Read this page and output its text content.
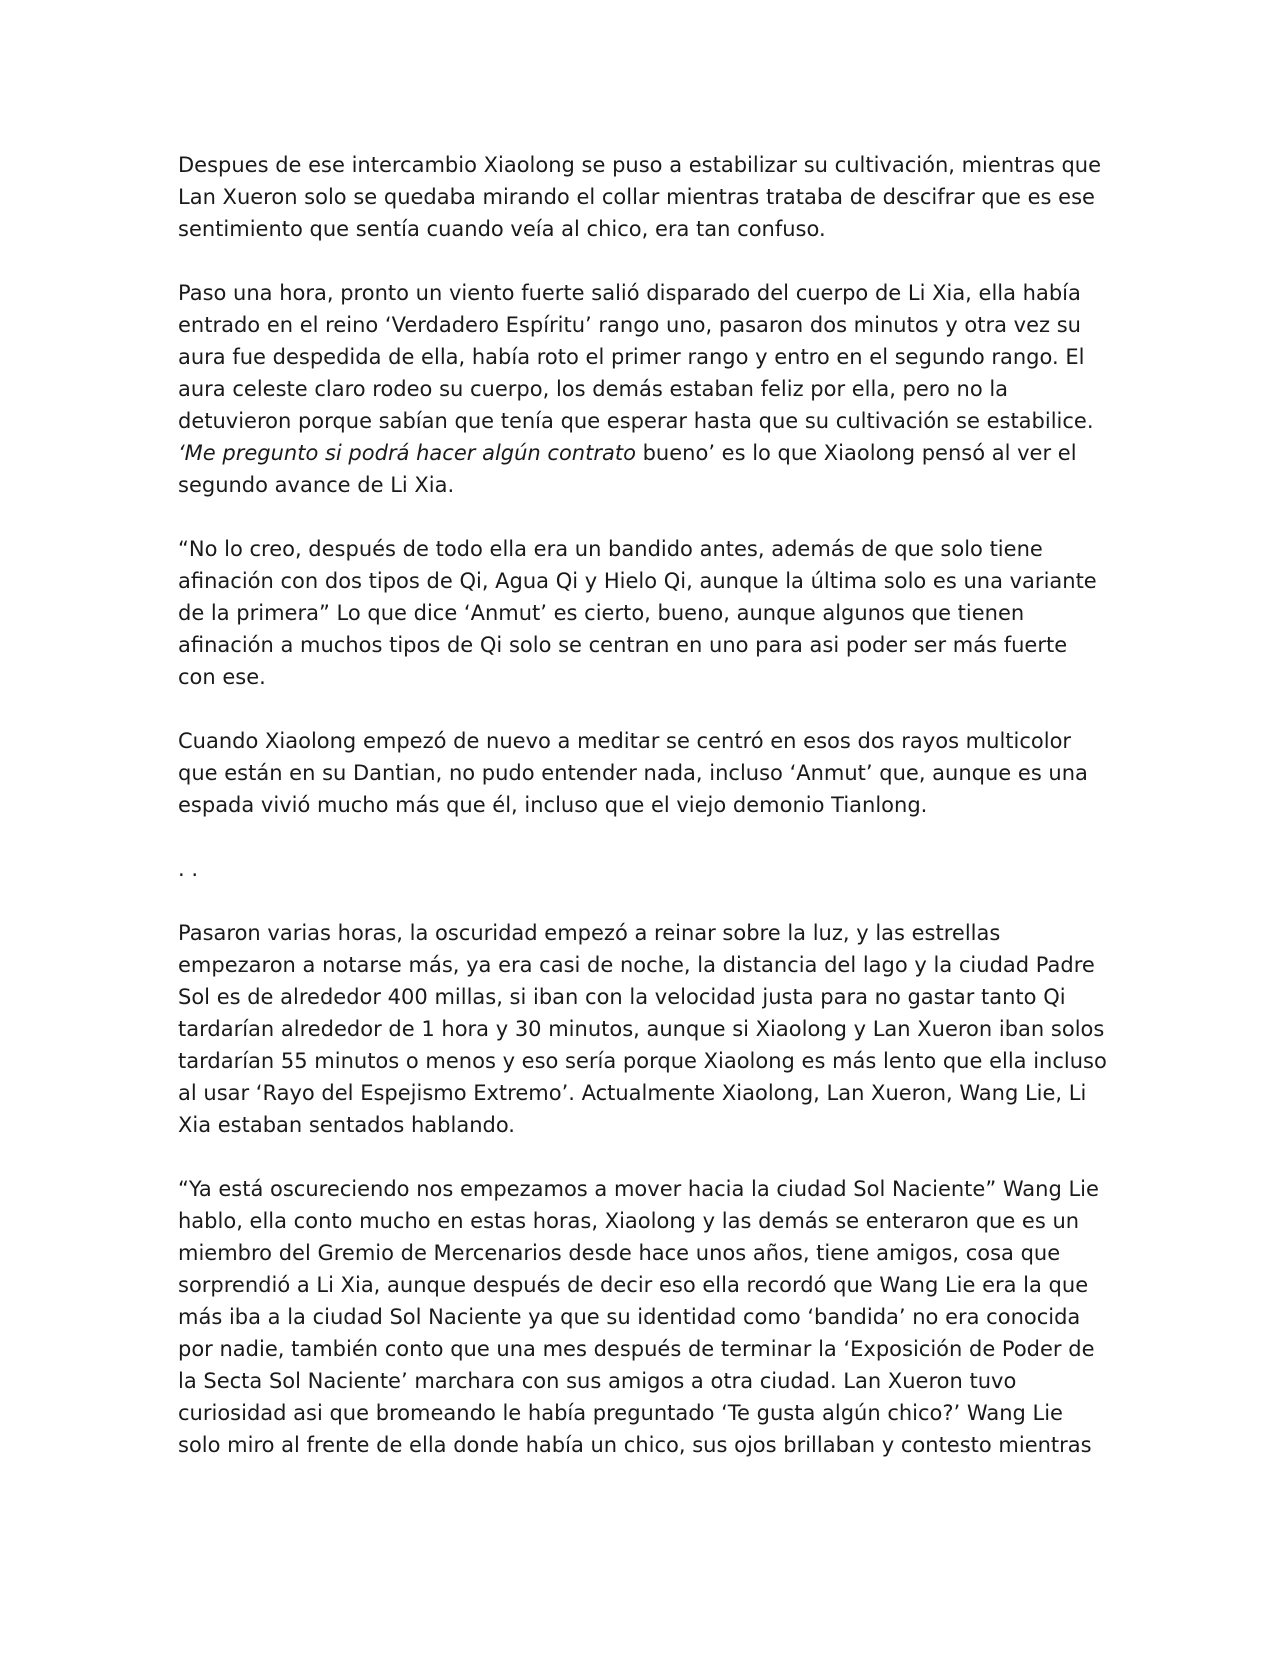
Despues de ese intercambio Xiaolong se puso a estabilizar su cultivación, mientras que Lan Xueron solo se quedaba mirando el collar mientras trataba de descifrar que es ese sentimiento que sentía cuando veía al chico, era tan confuso.

Paso una hora, pronto un viento fuerte salió disparado del cuerpo de Li Xia, ella había entrado en el reino ‘Verdadero Espíritu’ rango uno, pasaron dos minutos y otra vez su aura fue despedida de ella, había roto el primer rango y entro en el segundo rango. El aura celeste claro rodeo su cuerpo, los demás estaban feliz por ella, pero no la detuvieron porque sabían que tenía que esperar hasta que su cultivación se estabilice.
‘Me pregunto si podrá hacer algún contrato bueno’ es lo que Xiaolong pensó al ver el segundo avance de Li Xia.

“No lo creo, después de todo ella era un bandido antes, además de que solo tiene afinación con dos tipos de Qi, Agua Qi y Hielo Qi, aunque la última solo es una variante de la primera” Lo que dice ‘Anmut’ es cierto, bueno, aunque algunos que tienen afinación a muchos tipos de Qi solo se centran en uno para asi poder ser más fuerte con ese.

Cuando Xiaolong empezó de nuevo a meditar se centró en esos dos rayos multicolor que están en su Dantian, no pudo entender nada, incluso ‘Anmut’ que, aunque es una espada vivió mucho más que él, incluso que el viejo demonio Tianlong.

. .

Pasaron varias horas, la oscuridad empezó a reinar sobre la luz, y las estrellas empezaron a notarse más, ya era casi de noche, la distancia del lago y la ciudad Padre Sol es de alrededor 400 millas, si iban con la velocidad justa para no gastar tanto Qi tardarían alrededor de 1 hora y 30 minutos, aunque si Xiaolong y Lan Xueron iban solos tardarían 55 minutos o menos y eso sería porque Xiaolong es más lento que ella incluso al usar ‘Rayo del Espejismo Extremo’. Actualmente Xiaolong, Lan Xueron, Wang Lie, Li Xia estaban sentados hablando.

“Ya está oscureciendo nos empezamos a mover hacia la ciudad Sol Naciente” Wang Lie hablo, ella conto mucho en estas horas, Xiaolong y las demás se enteraron que es un miembro del Gremio de Mercenarios desde hace unos años, tiene amigos, cosa que sorprendió a Li Xia, aunque después de decir eso ella recordó que Wang Lie era la que más iba a la ciudad Sol Naciente ya que su identidad como ‘bandida’ no era conocida por nadie, también conto que una mes después de terminar la ‘Exposición de Poder de la Secta Sol Naciente’ marchara con sus amigos a otra ciudad. Lan Xueron tuvo curiosidad asi que bromeando le había preguntado ‘Te gusta algún chico?’ Wang Lie solo miro al frente de ella donde había un chico, sus ojos brillaban y contesto mientras
